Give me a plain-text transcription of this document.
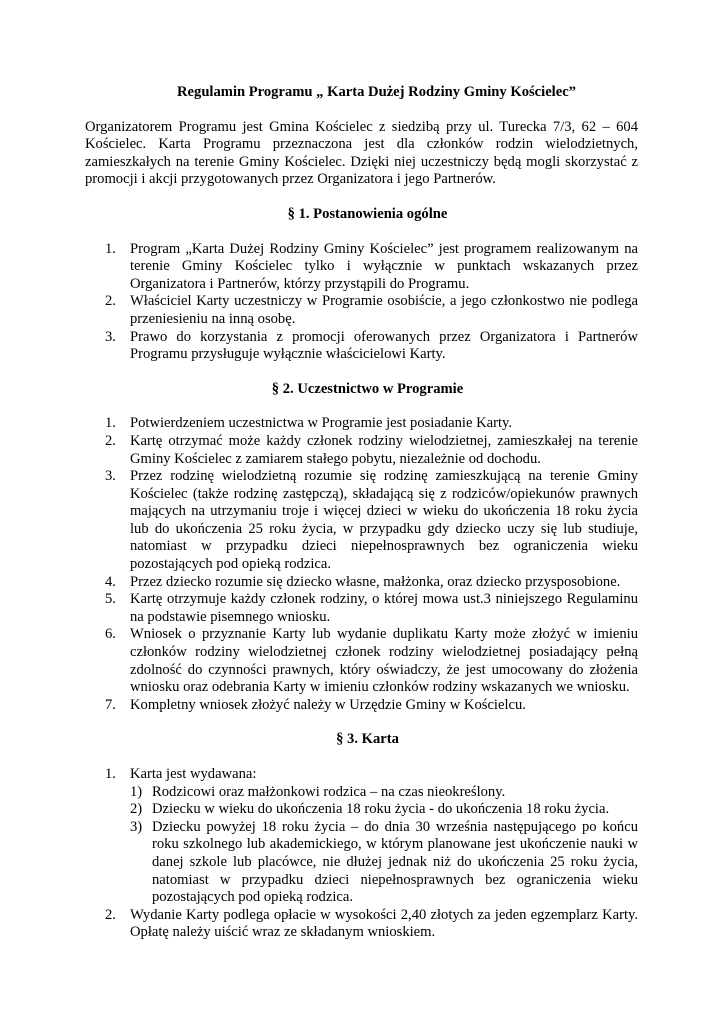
Regulamin Programu „ Karta Dużej Rodziny Gminy Kościelec”

Organizatorem Programu jest Gmina Kościelec z siedzibą przy ul. Turecka 7/3, 62 – 604 Kościelec. Karta Programu przeznaczona jest dla członków rodzin wielodzietnych, zamieszkałych na terenie Gminy Kościelec. Dzięki niej uczestniczy będą mogli skorzystać z promocji i akcji przygotowanych przez Organizatora i jego Partnerów.

§ 1. Postanowienia ogólne
1. Program „Karta Dużej Rodziny Gminy Kościelec” jest programem realizowanym na terenie Gminy Kościelec tylko i wyłącznie w punktach wskazanych przez Organizatora i Partnerów, którzy przystąpili do Programu.
2. Właściciel Karty uczestniczy w Programie osobiście, a jego członkostwo nie podlega przeniesieniu na inną osobę.
3. Prawo do korzystania z promocji oferowanych przez Organizatora i Partnerów Programu przysługuje wyłącznie właścicielowi Karty.
§ 2. Uczestnictwo w Programie
1. Potwierdzeniem uczestnictwa w Programie jest posiadanie Karty.
2. Kartę otrzymać może każdy członek rodziny wielodzietnej, zamieszkałej na terenie Gminy Kościelec z zamiarem stałego pobytu, niezależnie od dochodu.
3. Przez rodzinę wielodzietną rozumie się rodzinę zamieszkującą na terenie Gminy Kościelec (także rodzinę zastępczą), składającą się z rodziców/opiekunów prawnych mających na utrzymaniu troje i więcej dzieci w wieku do ukończenia 18 roku życia lub do ukończenia 25 roku życia, w przypadku gdy dziecko uczy się lub studiuje, natomiast w przypadku dzieci niepełnosprawnych bez ograniczenia wieku pozostających pod opieką rodzica.
4. Przez dziecko rozumie się dziecko własne, małżonka, oraz dziecko przysposobione.
5. Kartę otrzymuje każdy członek rodziny, o której mowa ust.3 niniejszego Regulaminu na podstawie pisemnego wniosku.
6. Wniosek o przyznanie Karty lub wydanie duplikatu Karty może złożyć w imieniu członków rodziny wielodzietnej członek rodziny wielodzietnej posiadający pełną zdolność do czynności prawnych, który oświadczy, że jest umocowany do złożenia wniosku oraz odebrania Karty w imieniu członków rodziny wskazanych we wniosku.
7. Kompletny wniosek złożyć należy w Urzędzie Gminy w Kościelcu.
§ 3. Karta
1. Karta jest wydawana:
1) Rodzicowi oraz małżonkowi rodzica – na czas nieokreślony.
2) Dziecku w wieku do ukończenia 18 roku życia - do ukończenia 18 roku życia.
3) Dziecku powyżej 18 roku życia – do dnia 30 września następującego po końcu roku szkolnego lub akademickiego, w którym planowane jest ukończenie nauki w danej szkole lub placówce, nie dłużej jednak niż do ukończenia 25 roku życia, natomiast w przypadku dzieci niepełnosprawnych bez ograniczenia wieku pozostających pod opieką rodzica.
2. Wydanie Karty podlega opłacie w wysokości 2,40 złotych za jeden egzemplarz Karty. Opłatę należy uiścić wraz ze składanym wnioskiem.
